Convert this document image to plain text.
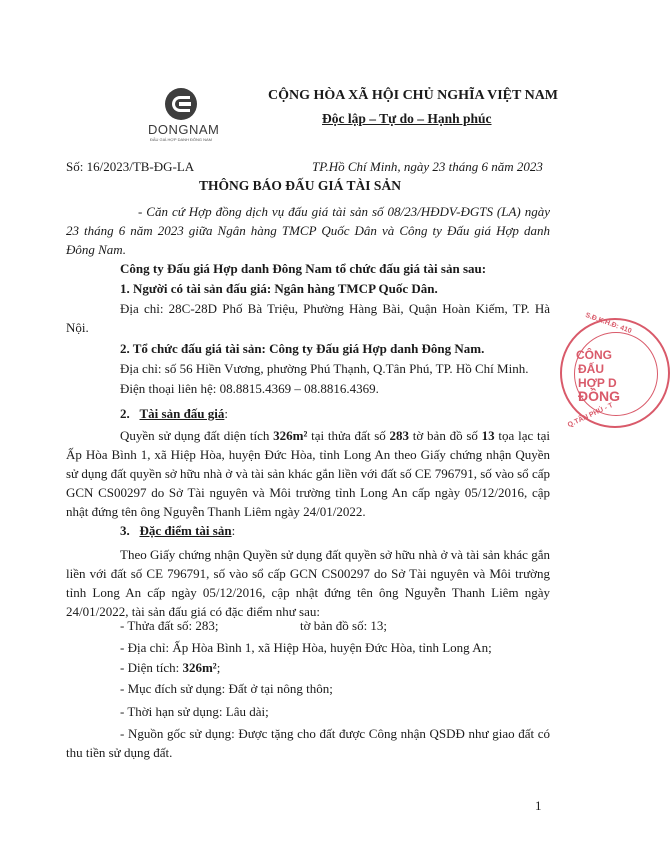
DONGNAM
ĐẤU GIÁ HỢP DANH ĐÔNG NAM
CỘNG HÒA XÃ HỘI CHỦ NGHĨA VIỆT NAM
Độc lập – Tự do – Hạnh phúc
Số: 16/2023/TB-ĐG-LA	TP.Hồ Chí Minh, ngày 23 tháng 6 năm 2023
THÔNG BÁO ĐẤU GIÁ TÀI SẢN
- Căn cứ Hợp đồng dịch vụ đấu giá tài sản số 08/23/HĐDV-ĐGTS (LA) ngày 23 tháng 6 năm 2023 giữa Ngân hàng TMCP Quốc Dân và Công ty Đấu giá Hợp danh Đông Nam.
Công ty Đấu giá Hợp danh Đông Nam tổ chức đấu giá tài sản sau:
1. Người có tài sản đấu giá: Ngân hàng TMCP Quốc Dân.
Địa chỉ: 28C-28D Phố Bà Triệu, Phường Hàng Bài, Quận Hoàn Kiếm, TP. Hà Nội.
2. Tổ chức đấu giá tài sản: Công ty Đấu giá Hợp danh Đông Nam.
Địa chỉ: số 56 Hiền Vương, phường Phú Thạnh, Q.Tân Phú, TP. Hồ Chí Minh.
Điện thoại liên hệ: 08.8815.4369 – 08.8816.4369.
2. Tài sản đấu giá:
Quyền sử dụng đất diện tích 326m² tại thửa đất số 283 tờ bản đồ số 13 tọa lạc tại Ấp Hòa Bình 1, xã Hiệp Hòa, huyện Đức Hòa, tỉnh Long An theo Giấy chứng nhận Quyền sử dụng đất quyền sở hữu nhà ở và tài sản khác gắn liền với đất số CE 796791, số vào sổ cấp GCN CS00297 do Sở Tài nguyên và Môi trường tỉnh Long An cấp ngày 05/12/2016, cập nhật đứng tên ông Nguyễn Thanh Liêm ngày 24/01/2022.
3. Đặc điểm tài sản:
Theo Giấy chứng nhận Quyền sử dụng đất quyền sở hữu nhà ở và tài sản khác gắn liền với đất số CE 796791, số vào sổ cấp GCN CS00297 do Sở Tài nguyên và Môi trường tỉnh Long An cấp ngày 05/12/2016, cập nhật đứng tên ông Nguyễn Thanh Liêm ngày 24/01/2022, tài sản đấu giá có đặc điểm như sau:
- Thửa đất số: 283;	tờ bản đồ số: 13;
- Địa chỉ: Ấp Hòa Bình 1, xã Hiệp Hòa, huyện Đức Hòa, tỉnh Long An;
- Diện tích: 326m²;
- Mục đích sử dụng: Đất ở tại nông thôn;
- Thời hạn sử dụng: Lâu dài;
- Nguồn gốc sử dụng: Được tặng cho đất được Công nhận QSDĐ như giao đất có thu tiền sử dụng đất.
1
S.Đ.K.H.Đ: 410
CÔNG
ĐẤU
HỢP D
ĐÔNG
Q.TÂN PHÚ - T
